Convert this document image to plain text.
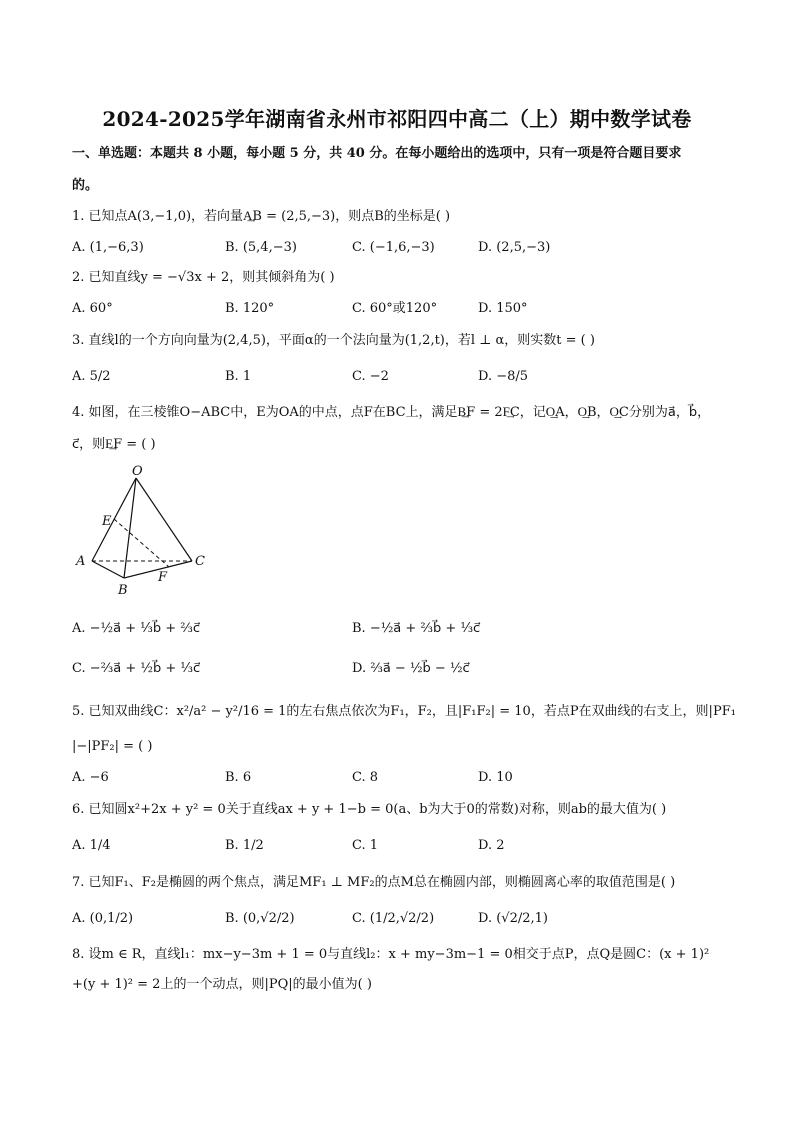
2024-2025学年湖南省永州市祁阳四中高二（上）期中数学试卷
一、单选题：本题共 8 小题，每小题 5 分，共 40 分。在每小题给出的选项中，只有一项是符合题目要求
的。
1. 已知点A(3,−1,0)，若向量A͢B = (2,5,−3)，则点B的坐标是( )
A. (1,−6,3)	B. (5,4,−3)	C. (−1,6,−3)	D. (2,5,−3)
2. 已知直线y = −√3x + 2，则其倾斜角为( )
A. 60°	B. 120°	C. 60°或120°	D. 150°
3. 直线l的一个方向向量为(2,4,5)，平面α的一个法向量为(1,2,t)，若l ⊥ α，则实数t = ( )
A. 5/2	B. 1	C. −2	D. −8/5
4. 如图，在三棱锥O−ABC中，E为OA的中点，点F在BC上，满足B͢F = 2F͢C，记O͢A，O͢B，O͢C分别为a⃗，b⃗，
c⃗，则E͢F = ( )
O
E
A
B
C
F
A. −½a⃗ + ⅓b⃗ + ⅔c⃗	B. −½a⃗ + ⅔b⃗ + ⅓c⃗
C. −⅔a⃗ + ½b⃗ + ⅓c⃗	D. ⅔a⃗ − ½b⃗ − ½c⃗
5. 已知双曲线C：x²/a² − y²/16 = 1的左右焦点依次为F₁，F₂，且|F₁F₂| = 10，若点P在双曲线的右支上，则|PF₁
|−|PF₂| = ( )
A. −6	B. 6	C. 8	D. 10
6. 已知圆x²+2x + y² = 0关于直线ax + y + 1−b = 0(a、b为大于0的常数)对称，则ab的最大值为( )
A. 1/4	B. 1/2	C. 1	D. 2
7. 已知F₁、F₂是椭圆的两个焦点，满足MF₁ ⊥ MF₂的点M总在椭圆内部，则椭圆离心率的取值范围是( )
A. (0,1/2)	B. (0,√2/2)	C. (1/2,√2/2)	D. (√2/2,1)
8. 设m ∈ R，直线l₁：mx−y−3m + 1 = 0与直线l₂：x + my−3m−1 = 0相交于点P，点Q是圆C：(x + 1)²
+(y + 1)² = 2上的一个动点，则|PQ|的最小值为( )
